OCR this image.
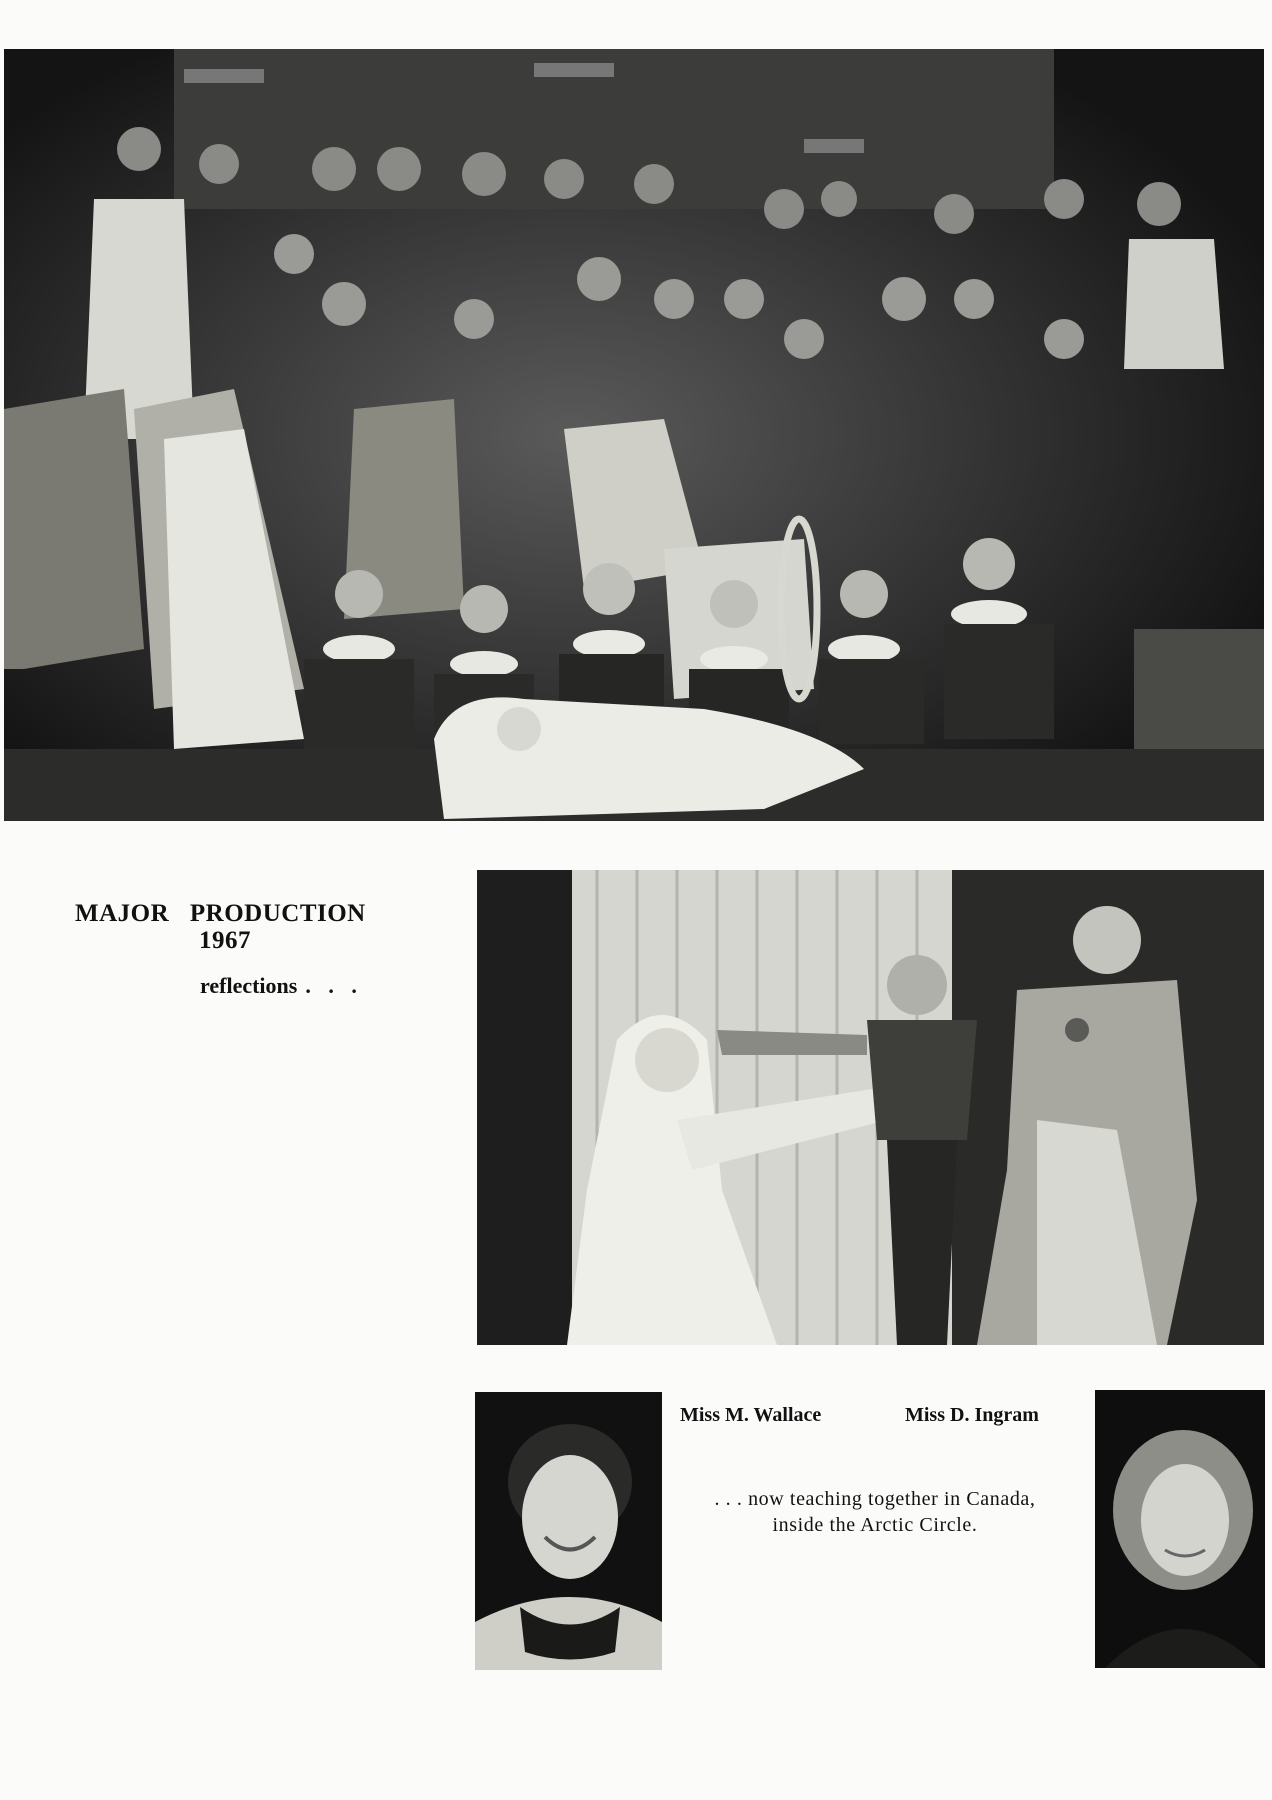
MAJOR PRODUCTION
1967
reflections . . .
Miss M. Wallace	Miss D. Ingram

. . . now teaching together in Canada, inside the Arctic Circle.
